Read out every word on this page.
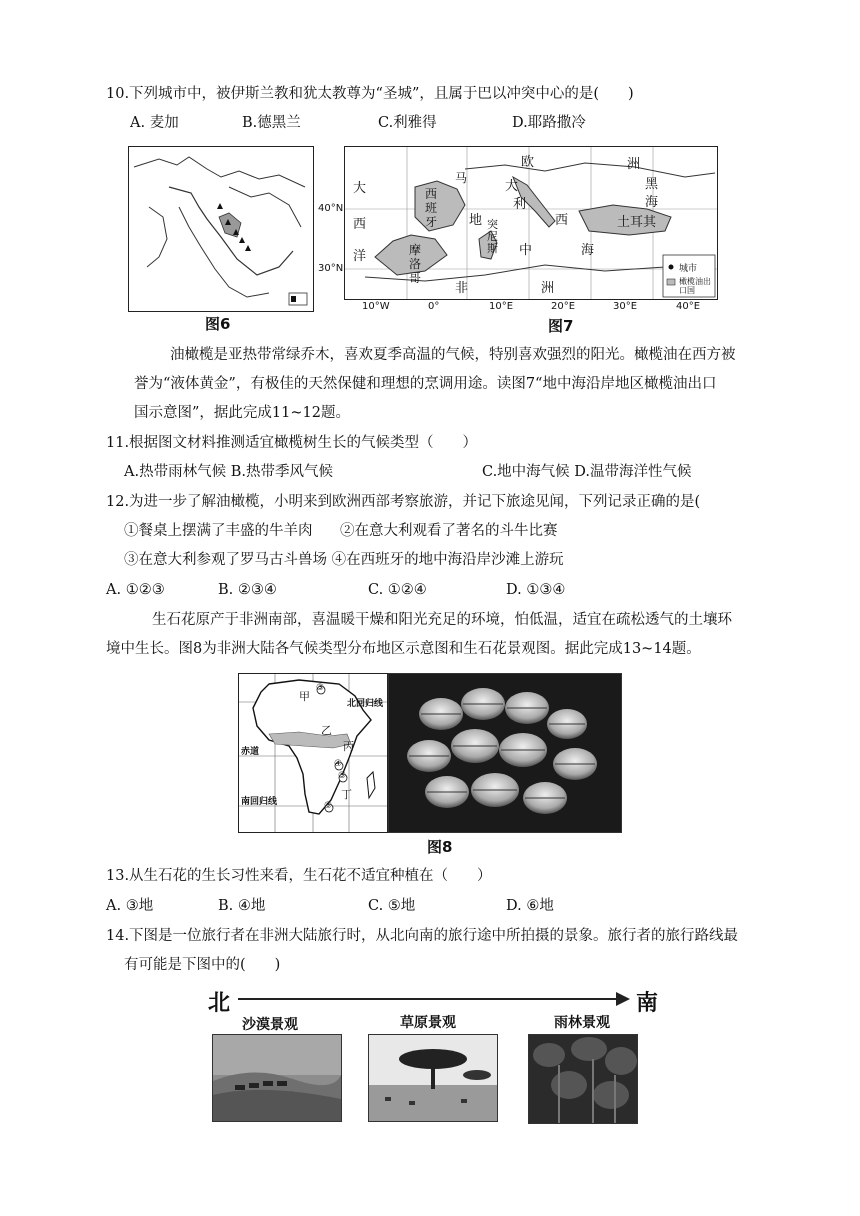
10.下列城市中，被伊斯兰教和犹太教尊为“圣城”，且属于巴以冲突中心的是(　　)
A. 麦加	B.德黑兰	C.利雅得	D.耶路撒冷
图6
大
西
洋
西班牙
摩洛哥
非	洲
欧	洲
马
大
利
地
中	海
黑
海
土耳其
西
突尼斯
城市
橄榄油出口国
40°N
30°N
10°W	0°	10°E	20°E	30°E	40°E
图7
油橄榄是亚热带常绿乔木，喜欢夏季高温的气候，特别喜欢强烈的阳光。橄榄油在西方被
誉为“液体黄金”，有极佳的天然保健和理想的烹调用途。读图7“地中海沿岸地区橄榄油出口
国示意图”，据此完成11~12题。
11.根据图文材料推测适宜橄榄树生长的气候类型（　　）
A.热带雨林气候 B.热带季风气候	C.地中海气候 D.温带海洋性气候
12.为进一步了解油橄榄，小明来到欧洲西部考察旅游，并记下旅途见闻，下列记录正确的是(
①餐桌上摆满了丰盛的牛羊肉 ②在意大利观看了著名的斗牛比赛
③在意大利参观了罗马古斗兽场 ④在西班牙的地中海沿岸沙滩上游玩
A. ①②③	B. ②③④	C. ①②④	D. ①③④
生石花原产于非洲南部，喜温暖干燥和阳光充足的环境，怕低温，适宜在疏松透气的土壤环
境中生长。图8为非洲大陆各气候类型分布地区示意图和生石花景观图。据此完成13~14题。
甲
乙
丙
丁
北回归线
赤道
南回归线
③
④
⑤
⑥
图8
13.从生石花的生长习性来看，生石花不适宜种植在（　　）
A. ③地	B. ④地	C. ⑤地	D. ⑥地
14.下图是一位旅行者在非洲大陆旅行时，从北向南的旅行途中所拍摄的景象。旅行者的旅行路线最
有可能是下图中的(　　)
北	南
沙漠景观	草原景观	雨林景观
